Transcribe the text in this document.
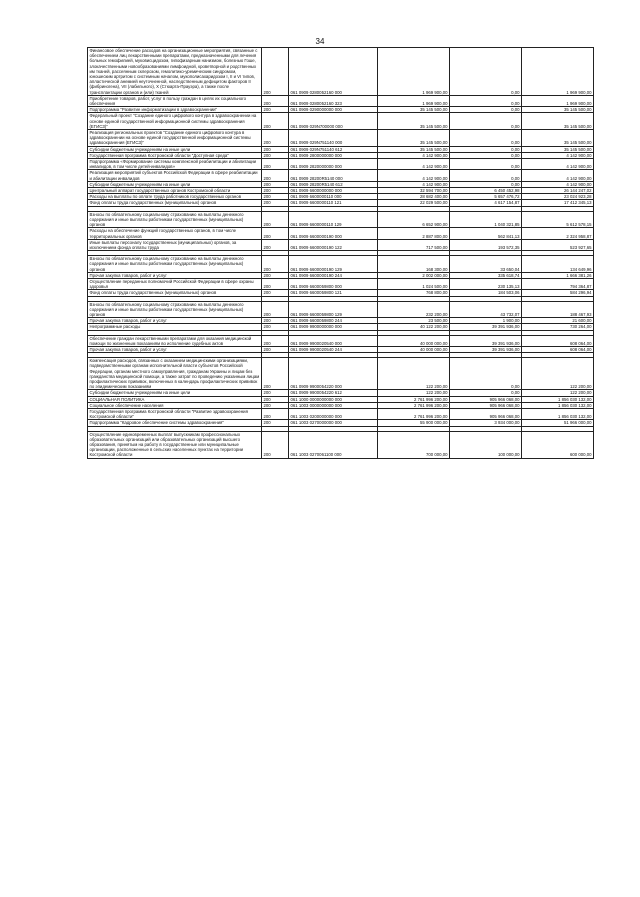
34
Финансовое обеспечение расходов на организационные мероприятия, связанные с обеспечением лиц лекарственными препаратами, предназначенными для лечения больных гемофилией, муковисцидозом, гипофизарным нанизмом, болезнью Гоше, злокачественными новообразованиями лимфоидной, кроветворной и родственных им тканей, рассеянным склерозом, гемолитико-уремическим синдромом, юношеским артритом с системным началом, мукополисахаридозом I, II и VI типов, апластической анемией неуточненной, наследственным дефицитом факторов II (фибриногена), VII (лабильного), X (Стюарта-Прауэра), а также после трансплантации органов и (или) тканей	200	061 0909 0280052160 000	1 969 900,00	0,00	1 969 900,00
Приобретение товаров, работ, услуг в пользу граждан в целях их социального обеспечения	200	061 0909 0280052160 323	1 969 900,00	0,00	1 969 900,00
Подпрограмма "Развитие информатизации в здравоохранении"	200	061 0909 0290000000 000	35 145 500,00	0,00	35 145 500,00
Федеральный проект "Создание единого цифрового контура в здравоохранении на основе единой государственной информационной системы здравоохранения (ЕГИСЗ)"	200	061 0909 029N700000 000	35 145 500,00	0,00	35 145 500,00
Реализация региональных проектов "Создание единого цифрового контура в здравоохранении на основе единой государственной информационной системы здравоохранения (ЕГИСЗ)"	200	061 0909 029N751140 000	35 145 500,00	0,00	35 145 500,00
Субсидии бюджетным учреждениям на иные цели	200	061 0909 029N751140 612	35 145 500,00	0,00	35 145 500,00
Государственная программа Костромской области "Доступная среда"	200	061 0909 2800000000 000	4 142 900,00	0,00	4 142 900,00
Подпрограмма «Формирование системы комплексной реабилитации и абилитации инвалидов, в том числе детей-инвалидов»	200	061 0909 2820000000 000	4 142 900,00	0,00	4 142 900,00
Реализация мероприятий субъектов Российской Федерации в сфере реабилитации и абилитации инвалидов	200	061 0909 28200R5140 000	4 142 900,00	0,00	4 142 900,00
Субсидии бюджетным учреждениям на иные цели	200	061 0909 28200R5140 612	4 142 900,00	0,00	4 142 900,00
Центральный аппарат государственных органов Костромской области	200	061 0909 6600000000 000	32 594 700,00	6 450 452,98	26 144 247,02
Расходы на выплаты по оплате труда работников государственных органов	200	061 0909 6600000110 000	28 682 400,00	5 657 476,72	23 024 923,28
Фонд оплаты труда государственных (муниципальных) органов	200	061 0909 6600000110 121	22 029 500,00	4 617 154,87	17 412 345,13

Взносы по обязательному социальному страхованию на выплаты денежного содержания и иные выплаты работникам государственных (муниципальных) органов	200	061 0909 6600000110 129	6 652 900,00	1 040 321,85	5 612 578,15
Расходы на обеспечение функций государственных органов, в том числе территориальных органов	200	061 0909 6600000190 000	2 887 800,00	562 841,13	2 324 958,87
Иные выплаты персоналу государственных (муниципальных) органов, за исключением фонда оплаты труда	200	061 0909 6600000190 122	717 500,00	193 572,35	523 927,65

Взносы по обязательному социальному страхованию на выплаты денежного содержания и иные выплаты работникам государственных (муниципальных) органов	200	061 0909 6600000190 129	168 300,00	33 650,04	134 649,96
Прочая закупка товаров, работ и услуг	200	061 0909 6600000190 244	2 002 000,00	335 618,74	1 666 381,26
Осуществление переданных полномочий Российской Федерации в сфере охраны здоровья	200	061 0909 6600059800 000	1 024 500,00	230 135,13	794 364,87
Фонд оплаты труда государственных (муниципальных) органов	200	061 0909 6600059800 121	768 800,00	184 503,06	584 296,94

Взносы по обязательному социальному страхованию на выплаты денежного содержания и иные выплаты работникам государственных (муниципальных) органов	200	061 0909 6600059800 129	232 200,00	43 732,07	188 467,93
Прочая закупка товаров, работ и услуг	200	061 0909 6600059800 244	23 500,00	1 900,00	21 600,00
Непрограммные расходы	200	061 0909 9900000000 000	40 122 200,00	39 391 936,00	730 264,00

Обеспечение граждан лекарственными препаратами для оказания медицинской помощи по жизненным показаниям во исполнение судебных актов	200	061 0909 9900020540 000	40 000 000,00	39 391 936,00	608 064,00
Прочая закупка товаров, работ и услуг	200	061 0909 9900020540 244	40 000 000,00	39 391 936,00	608 064,00

Компенсация расходов, связанных с оказанием медицинскими организациями, подведомственными органам исполнительной власти субъектов Российской Федерации, органам местного самоуправления, гражданам Украины и лицам без гражданства медицинской помощи, а также затрат по проведению указанным лицам профилактических прививок, включенных в календарь профилактических прививок по эпидемическим показаниям	200	061 0909 9900054220 000	122 200,00	0,00	122 200,00
Субсидии бюджетным учреждениям на иные цели	200	061 0909 9900054220 612	122 200,00	0,00	122 200,00
СОЦИАЛЬНАЯ ПОЛИТИКА	200	061 1000 0000000000 000	2 761 996 200,00	905 966 068,00	1 856 030 132,00
Социальное обеспечение населения	200	061 1003 0000000000 000	2 761 996 200,00	905 966 068,00	1 856 030 132,00
Государственная программа Костромской области "Развитие здравоохранения Костромской области"	200	061 1003 0200000000 000	2 761 996 200,00	905 966 068,00	1 856 030 132,00
Подпрограмма "Кадровое обеспечение системы здравоохранения"	200	061 1003 0270000000 000	55 900 000,00	3 934 000,00	51 966 000,00

Осуществление единовременных выплат выпускникам профессиональных образовательных организаций или образовательных организаций высшего образования, принятым на работу в государственные или муниципальные организации, расположенные в сельских населенных пунктах на территории Костромской области	200	061 1003 0270061100 000	700 000,00	100 000,00	600 000,00
